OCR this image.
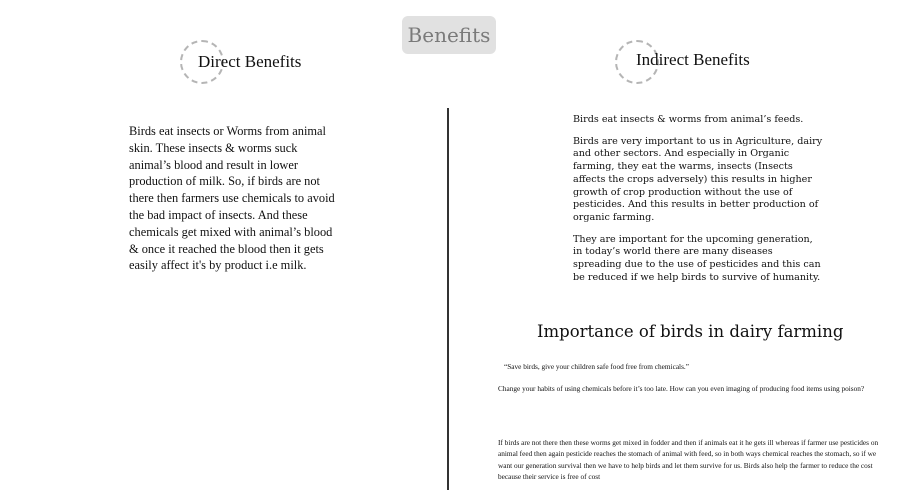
Benefits
Direct Benefits	Indirect Benefits

Birds eat insects or Worms from animal skin. These insects & worms suck animal’s blood and result in lower production of milk. So, if birds are not there then farmers use chemicals to avoid the bad impact of insects. And these chemicals get mixed with animal’s blood & once it reached the blood then it gets easily affect it's by product i.e milk.

Birds eat insects & worms from animal’s feeds.

Birds are very important to us in Agriculture, dairy and other sectors. And especially in Organic farming, they eat the warms, insects (Insects affects the crops adversely) this results in higher growth of crop production without the use of pesticides. And this results in better production of organic farming.

They are important for the upcoming generation, in today’s world there are many diseases spreading due to the use of pesticides and this can be reduced if we help birds to survive of humanity.

Importance of birds in dairy farming
“Save birds, give your children safe food free from chemicals.”
Change your habits of using chemicals before it’s too late. How can you even imaging of producing food items using poison?
If birds are not there then these worms get mixed in fodder and then if animals eat it he gets ill whereas if farmer use pesticides on animal feed then again pesticide reaches the stomach of animal with feed, so in both ways chemical reaches the stomach, so if we want our generation survival then we have to help birds and let them survive for us. Birds also help the farmer to reduce the cost because their service is free of cost
